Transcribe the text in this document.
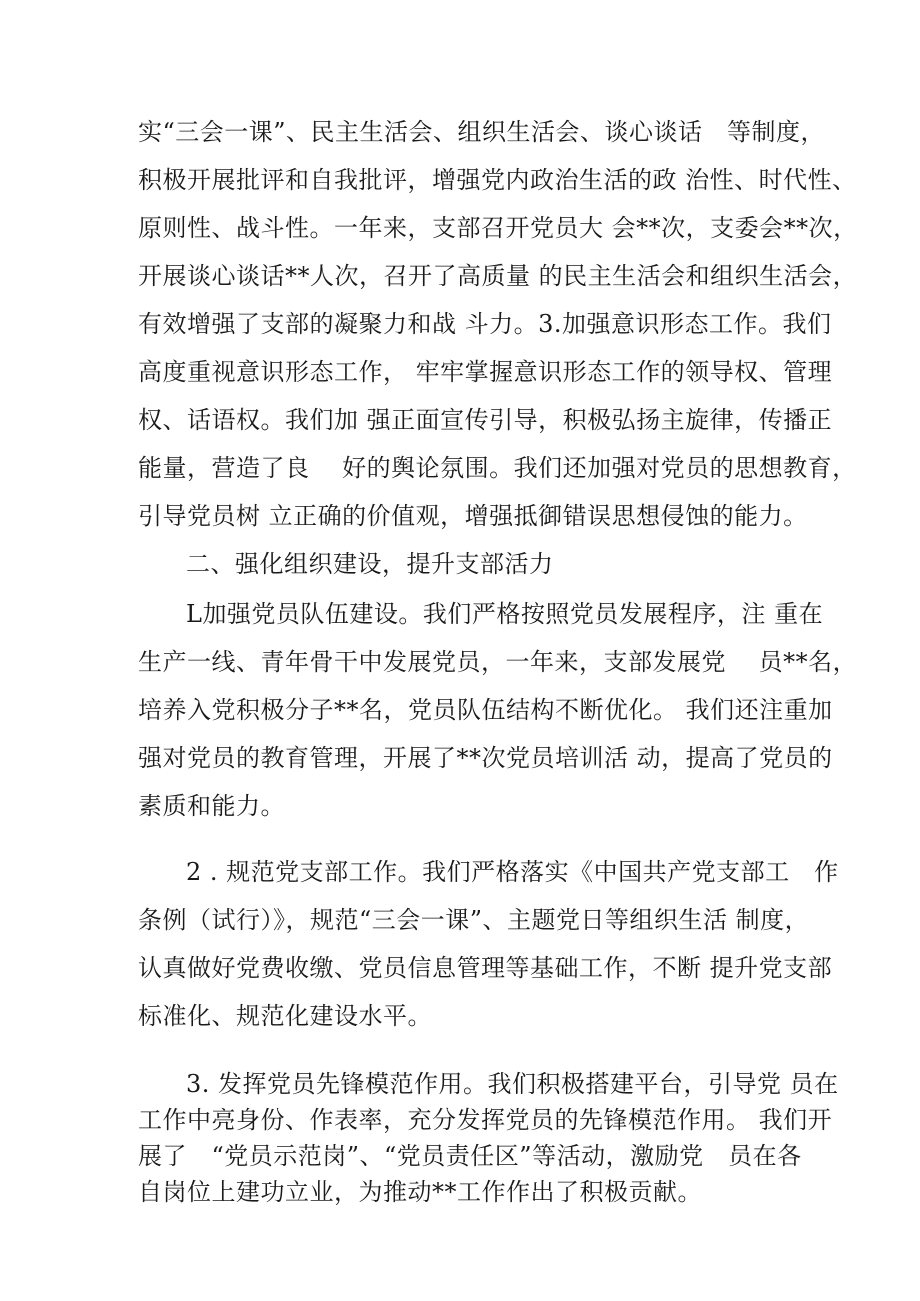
实“三会一课”、民主生活会、组织生活会、谈心谈话　等制度，
积极开展批评和自我批评，增强党内政治生活的政 治性、时代性、
原则性、战斗性。一年来，支部召开党员大 会**次，支委会**次，
开展谈心谈话**人次，召开了高质量 的民主生活会和组织生活会，
有效增强了支部的凝聚力和战 斗力。3.加强意识形态工作。我们
高度重视意识形态工作， 牢牢掌握意识形态工作的领导权、管理
权、话语权。我们加 强正面宣传引导，积极弘扬主旋律，传播正
能量，营造了良　 好的舆论氛围。我们还加强对党员的思想教育，
引导党员树 立正确的价值观，增强抵御错误思想侵蚀的能力。
二、强化组织建设，提升支部活力
L加强党员队伍建设。我们严格按照党员发展程序，注 重在
生产一线、青年骨干中发展党员，一年来，支部发展党　 员**名，
培养入党积极分子**名，党员队伍结构不断优化。 我们还注重加
强对党员的教育管理，开展了**次党员培训活 动，提高了党员的
素质和能力。
2 . 规范党支部工作。我们严格落实《中国共产党支部工　作
条例（试行）》，规范“三会一课”、主题党日等组织生活 制度，
认真做好党费收缴、党员信息管理等基础工作，不断 提升党支部
标准化、规范化建设水平。
3. 发挥党员先锋模范作用。我们积极搭建平台，引导党 员在
工作中亮身份、作表率，充分发挥党员的先锋模范作用。 我们开
展了　“党员示范岗”、“党员责任区”等活动，激励党　员在各
自岗位上建功立业，为推动**工作作出了积极贡献。
